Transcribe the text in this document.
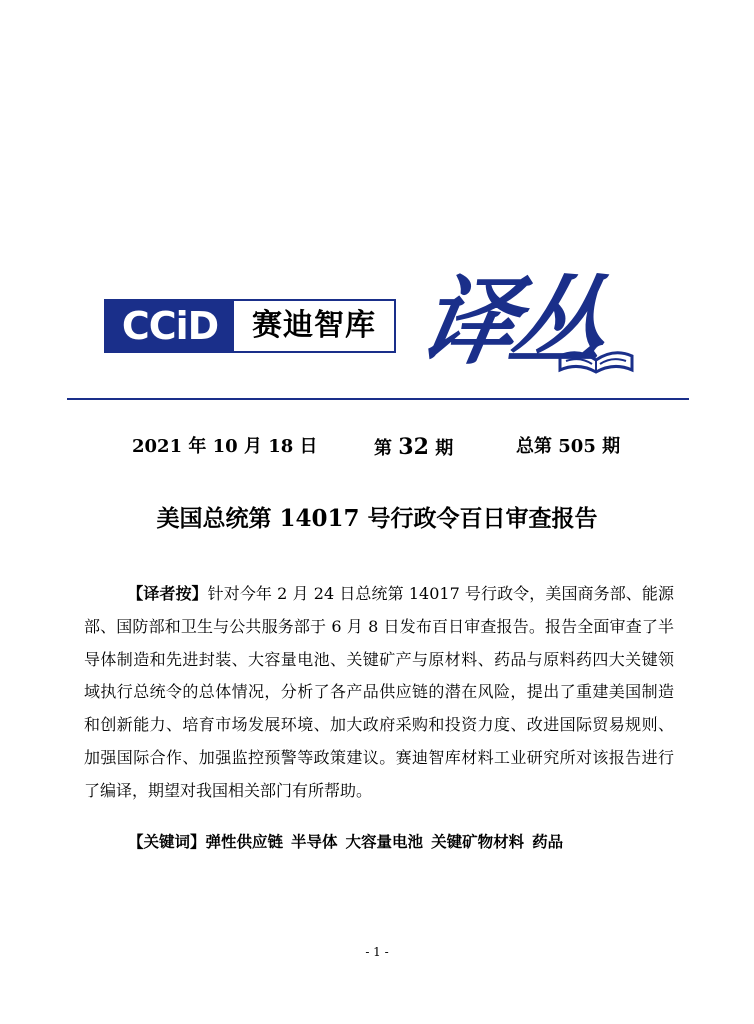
CCiD	赛迪智库 译丛
2021 年 10 月 18 日	第 32 期	总第 505 期
美国总统第 14017 号行政令百日审查报告
【译者按】针对今年 2 月 24 日总统第 14017 号行政令，美国商务部、能源部、国防部和卫生与公共服务部于 6 月 8 日发布百日审查报告。报告全面审查了半导体制造和先进封装、大容量电池、关键矿产与原材料、药品与原料药四大关键领域执行总统令的总体情况，分析了各产品供应链的潜在风险，提出了重建美国制造和创新能力、培育市场发展环境、加大政府采购和投资力度、改进国际贸易规则、加强国际合作、加强监控预警等政策建议。赛迪智库材料工业研究所对该报告进行了编译，期望对我国相关部门有所帮助。
【关键词】弹性供应链 半导体 大容量电池 关键矿物材料 药品
- 1 -
